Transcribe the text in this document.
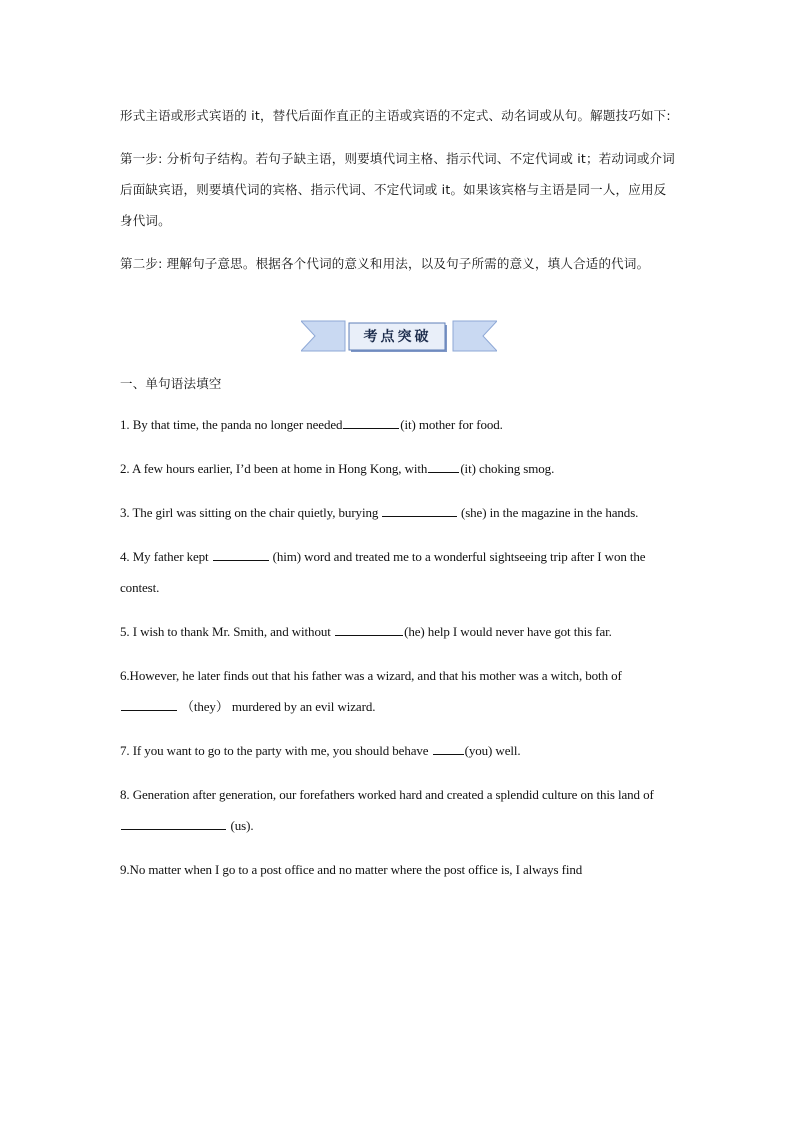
形式主语或形式宾语的 it，替代后面作直正的主语或宾语的不定式、动名词或从句。解题技巧如下:

第一步: 分析句子结构。若句子缺主语，则要填代词主格、指示代词、不定代词或 it；若动词或介词后面缺宾语，则要填代词的宾格、指示代词、不定代词或 it。如果该宾格与主语是同一人，应用反身代词。

第二步: 理解句子意思。根据各个代词的意义和用法，以及句子所需的意义，填人合适的代词。

考点突破

一、单句语法填空

1. By that time, the panda no longer needed	(it) mother for food.

2. A few hours earlier, I’d been at home in Hong Kong, with	(it) choking smog.

3. The girl was sitting on the chair quietly, burying	(she) in the magazine in the hands.

4. My father kept	(him) word and treated me to a wonderful sightseeing trip after I won the contest.

5. I wish to thank Mr. Smith, and without	(he) help I would never have got this far.

6.However, he later finds out that his father was a wizard, and that his mother was a witch, both of  （they） murdered by an evil wizard.

7. If you want to go to the party with me, you should behave	(you) well.

8. Generation after generation, our forefathers worked hard and created a splendid culture on this land of  (us).

9.No matter when I go to a post office and no matter where the post office is, I always find
